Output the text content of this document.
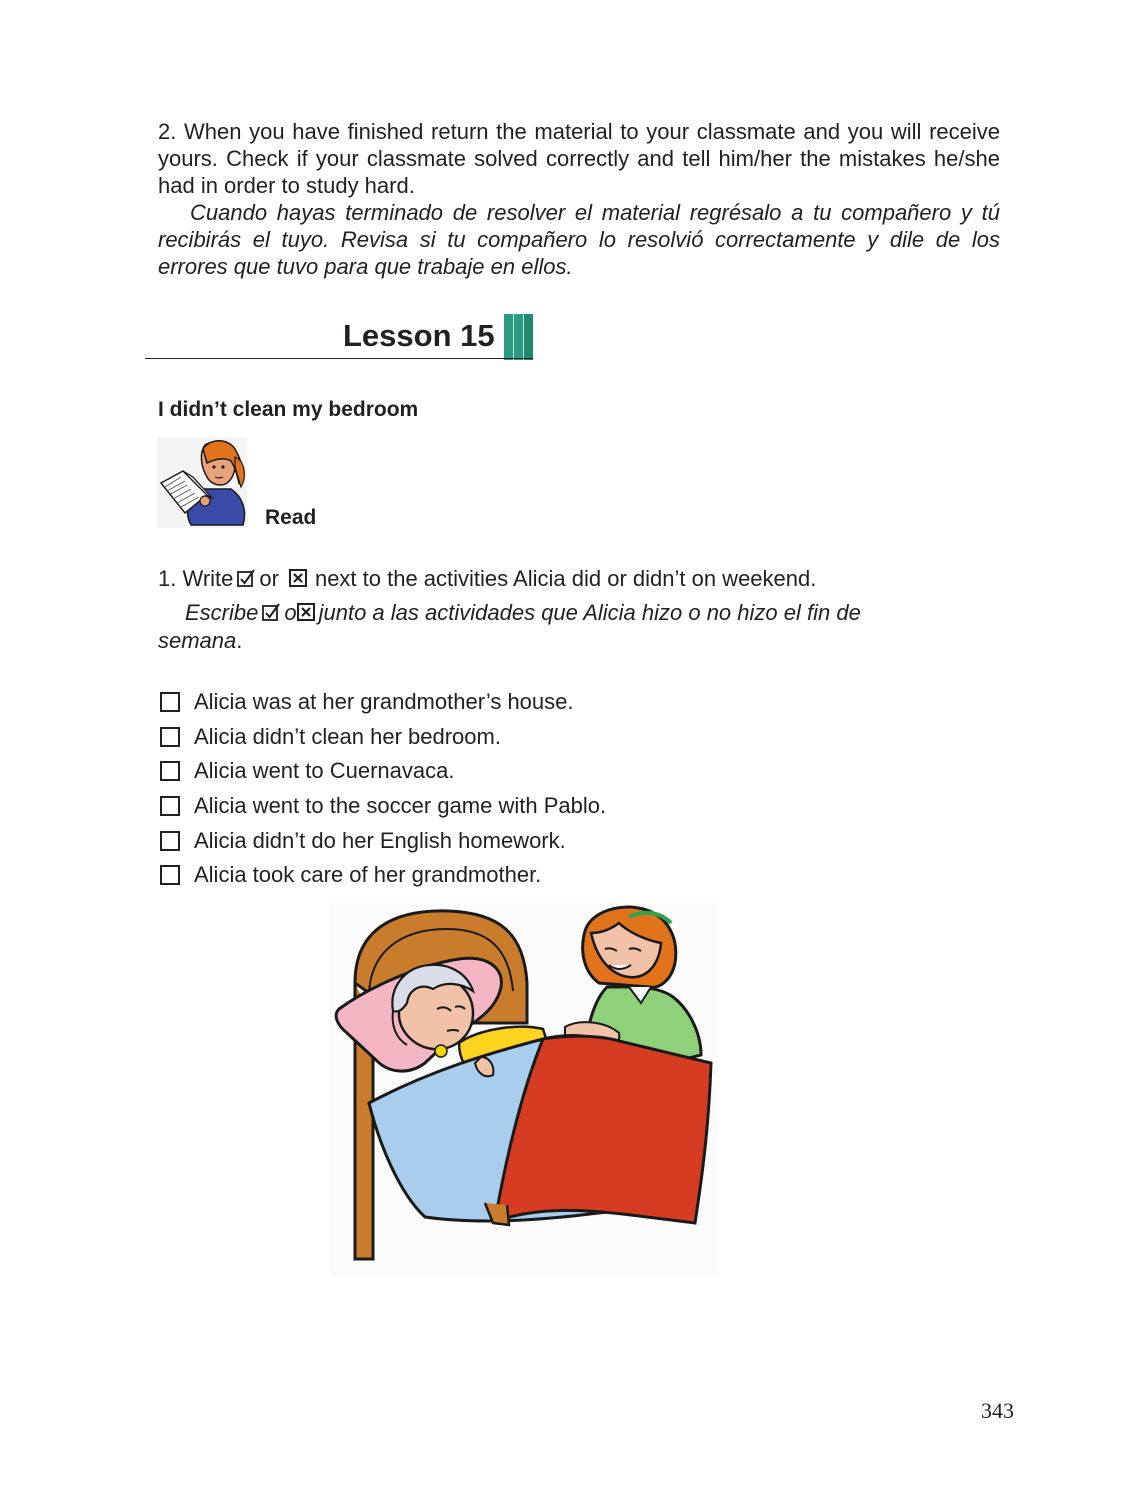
2. When you have finished return the material to your classmate and you will receive yours. Check if your classmate solved correctly and tell him/her the mistakes he/she had in order to study hard.

Cuando hayas terminado de resolver el material regrésalo a tu compañero y tú recibirás el tuyo. Revisa si tu compañero lo resolvió correctamente y dile de los errores que tuvo para que trabaje en ellos.

Lesson 15
I didn’t clean my bedroom
Read
1. Write or ☒ next to the activities Alicia did or didn’t on weekend.
Escribe o☒ junto a las actividades que Alicia hizo o no hizo el fin de
semana.
Alicia was at her grandmother’s house.
Alicia didn’t clean her bedroom.
Alicia went to Cuernavaca.
Alicia went to the soccer game with Pablo.
Alicia didn’t do her English homework.
Alicia took care of her grandmother.
343
